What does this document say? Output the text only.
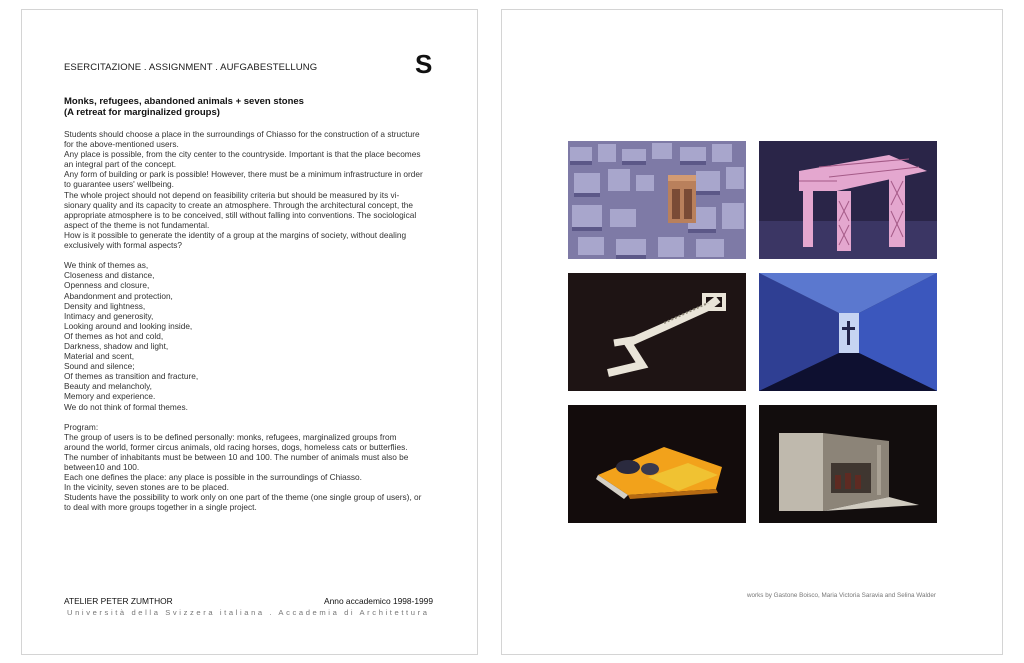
ESERCITAZIONE . ASSIGNMENT . AUFGABESTELLUNG	S
Monks, refugees, abandoned animals + seven stones
(A retreat for marginalized groups)
Students should choose a place in the surroundings of Chiasso for the construction of a structure
for the above-mentioned users.
Any place is possible, from the city center to the countryside. Important is that the place becomes
an integral part of the concept.
Any form of building or park is possible! However, there must be a minimum infrastructure in order
to guarantee users' wellbeing.
The whole project should not depend on feasibility criteria but should be measured by its vi-
sionary quality and its capacity to create an atmosphere. Through the architectural concept, the
appropriate atmosphere is to be conceived, still without falling into conventions. The sociological
aspect of the theme is not fundamental.
How is it possible to generate the identity of a group at the margins of society, without dealing
exclusively with formal aspects?
We think of themes as,
Closeness and distance,
Openness and closure,
Abandonment and protection,
Density and lightness,
Intimacy and generosity,
Looking around and looking inside,
Of themes as hot and cold,
Darkness, shadow and light,
Material and scent,
Sound and silence;
Of themes as transition and fracture,
Beauty and melancholy,
Memory and experience.
We do not think of formal themes.
Program:
The group of users is to be defined personally: monks, refugees, marginalized groups from
around the world, former circus animals, old racing horses, dogs, homeless cats or butterflies.
The number of inhabitants must be between 10 and 100. The number of animals must also be
between10 and 100.
Each one defines the place: any place is possible in the surroundings of Chiasso.
In the vicinity, seven stones are to be placed.
Students have the possibility to work only on one part of the theme (one single group of users), or
to deal with more groups together in a single project.
ATELIER PETER ZUMTHOR	Anno accademico 1998-1999
Università della Svizzera italiana . Accademia di Architettura
works by Gastone Boisco, Maria Victoria Saravia and Selina Walder
